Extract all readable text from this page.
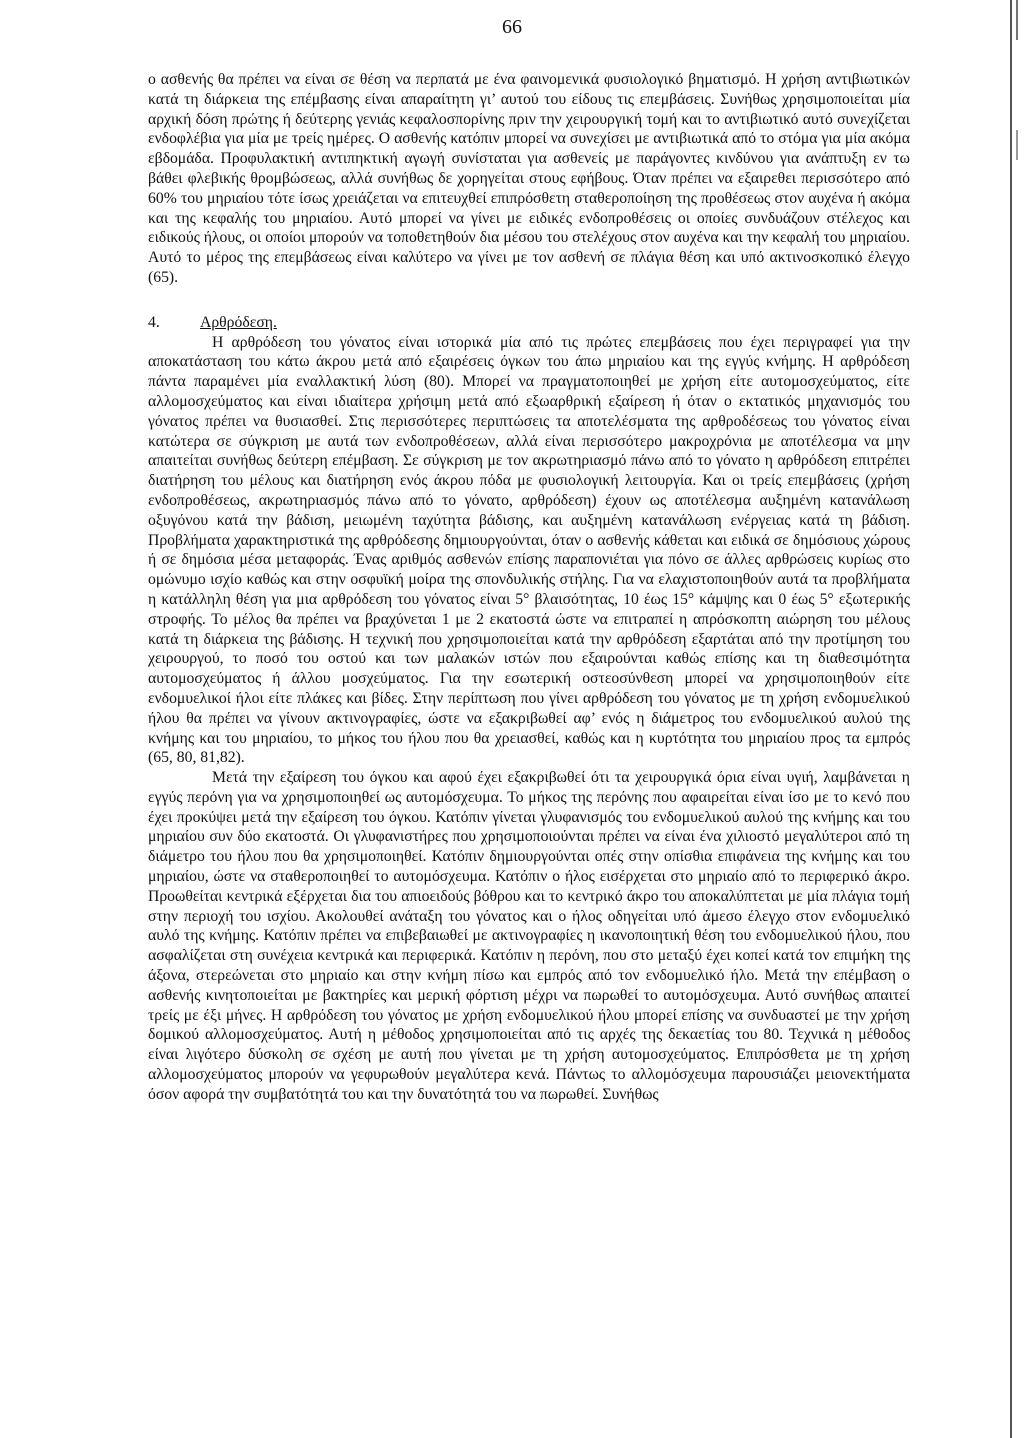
66

ο ασθενής θα πρέπει να είναι σε θέση να περπατά με ένα φαινομενικά φυσιολογικό βηματισμό. Η χρήση αντιβιωτικών κατά τη διάρκεια της επέμβασης είναι απαραίτητη γι’ αυτού του είδους τις επεμβάσεις. Συνήθως χρησιμοποιείται μία αρχική δόση πρώτης ή δεύτερης γενιάς κεφαλοσπορίνης πριν την χειρουργική τομή και το αντιβιωτικό αυτό συνεχίζεται ενδοφλέβια για μία με τρείς ημέρες. Ο ασθενής κατόπιν μπορεί να συνεχίσει με αντιβιωτικά από το στόμα για μία ακόμα εβδομάδα. Προφυλακτική αντιπηκτική αγωγή συνίσταται για ασθενείς με παράγοντες κινδύνου για ανάπτυξη εν τω βάθει φλεβικής θρομβώσεως, αλλά συνήθως δε χορηγείται στους εφήβους. Όταν πρέπει να εξαιρεθει περισσότερο από 60% του μηριαίου τότε ίσως χρειάζεται να επιτευχθεί επιπρόσθετη σταθεροποίηση της προθέσεως στον αυχένα ή ακόμα και της κεφαλής του μηριαίου. Αυτό μπορεί να γίνει με ειδικές ενδοπροθέσεις οι οποίες συνδυάζουν στέλεχος και ειδικούς ήλους, οι οποίοι μπορούν να τοποθετηθούν δια μέσου του στελέχους στον αυχένα και την κεφαλή του μηριαίου. Αυτό το μέρος της επεμβάσεως είναι καλύτερο να γίνει με τον ασθενή σε πλάγια θέση και υπό ακτινοσκοπικό έλεγχο (65).

4.	Αρθρόδεση.

Η αρθρόδεση του γόνατος είναι ιστορικά μία από τις πρώτες επεμβάσεις που έχει περιγραφεί για την αποκατάσταση του κάτω άκρου μετά από εξαιρέσεις όγκων του άπω μηριαίου και της εγγύς κνήμης. Η αρθρόδεση πάντα παραμένει μία εναλλακτική λύση (80). Μπορεί να πραγματοποιηθεί με χρήση είτε αυτομοσχεύματος, είτε αλλομοσχεύματος και είναι ιδιαίτερα χρήσιμη μετά από εξωαρθρική εξαίρεση ή όταν ο εκτατικός μηχανισμός του γόνατος πρέπει να θυσιασθεί. Στις περισσότερες περιπτώσεις τα αποτελέσματα της αρθροδέσεως του γόνατος είναι κατώτερα σε σύγκριση με αυτά των ενδοπροθέσεων, αλλά είναι περισσότερο μακροχρόνια με αποτέλεσμα να μην απαιτείται συνήθως δεύτερη επέμβαση. Σε σύγκριση με τον ακρωτηριασμό πάνω από το γόνατο η αρθρόδεση επιτρέπει διατήρηση του μέλους και διατήρηση ενός άκρου πόδα με φυσιολογική λειτουργία. Και οι τρείς επεμβάσεις (χρήση ενδοπροθέσεως, ακρωτηριασμός πάνω από το γόνατο, αρθρόδεση) έχουν ως αποτέλεσμα αυξημένη κατανάλωση οξυγόνου κατά την βάδιση, μειωμένη ταχύτητα βάδισης, και αυξημένη κατανάλωση ενέργειας κατά τη βάδιση. Προβλήματα χαρακτηριστικά της αρθρόδεσης δημιουργούνται, όταν ο ασθενής κάθεται και ειδικά σε δημόσιους χώρους ή σε δημόσια μέσα μεταφοράς. Ένας αριθμός ασθενών επίσης παραπονιέται για πόνο σε άλλες αρθρώσεις κυρίως στο ομώνυμο ισχίο καθώς και στην οσφυϊκή μοίρα της σπονδυλικής στήλης. Για να ελαχιστοποιηθούν αυτά τα προβλήματα η κατάλληλη θέση για μια αρθρόδεση του γόνατος είναι 5° βλαισότητας, 10 έως 15° κάμψης και 0 έως 5° εξωτερικής στροφής. Το μέλος θα πρέπει να βραχύνεται 1 με 2 εκατοστά ώστε να επιτραπεί η απρόσκοπτη αιώρηση του μέλους κατά τη διάρκεια της βάδισης. Η τεχνική που χρησιμοποιείται κατά την αρθρόδεση εξαρτάται από την προτίμηση του χειρουργού, το ποσό του οστού και των μαλακών ιστών που εξαιρούνται καθώς επίσης και τη διαθεσιμότητα αυτομοσχεύματος ή άλλου μοσχεύματος. Για την εσωτερική οστεοσύνθεση μπορεί να χρησιμοποιηθούν είτε ενδομυελικοί ήλοι είτε πλάκες και βίδες. Στην περίπτωση που γίνει αρθρόδεση του γόνατος με τη χρήση ενδομυελικού ήλου θα πρέπει να γίνουν ακτινογραφίες, ώστε να εξακριβωθεί αφ’ ενός η διάμετρος του ενδομυελικού αυλού της κνήμης και του μηριαίου, το μήκος του ήλου που θα χρειασθεί, καθώς και η κυρτότητα του μηριαίου προς τα εμπρός (65, 80, 81,82).

Μετά την εξαίρεση του όγκου και αφού έχει εξακριβωθεί ότι τα χειρουργικά όρια είναι υγιή, λαμβάνεται η εγγύς περόνη για να χρησιμοποιηθεί ως αυτομόσχευμα. Το μήκος της περόνης που αφαιρείται είναι ίσο με το κενό που έχει προκύψει μετά την εξαίρεση του όγκου. Κατόπιν γίνεται γλυφανισμός του ενδομυελικού αυλού της κνήμης και του μηριαίου συν δύο εκατοστά. Οι γλυφανιστήρες που χρησιμοποιούνται πρέπει να είναι ένα χιλιοστό μεγαλύτεροι από τη διάμετρο του ήλου που θα χρησιμοποιηθεί. Κατόπιν δημιουργούνται οπές στην οπίσθια επιφάνεια της κνήμης και του μηριαίου, ώστε να σταθεροποιηθεί το αυτομόσχευμα. Κατόπιν ο ήλος εισέρχεται στο μηριαίο από το περιφερικό άκρο. Προωθείται κεντρικά εξέρχεται δια του απιοειδούς βόθρου και το κεντρικό άκρο του αποκαλύπτεται με μία πλάγια τομή στην περιοχή του ισχίου. Ακολουθεί ανάταξη του γόνατος και ο ήλος οδηγείται υπό άμεσο έλεγχο στον ενδομυελικό αυλό της κνήμης. Κατόπιν πρέπει να επιβεβαιωθεί με ακτινογραφίες η ικανοποιητική θέση του ενδομυελικού ήλου, που ασφαλίζεται στη συνέχεια κεντρικά και περιφερικά. Κατόπιν η περόνη, που στο μεταξύ έχει κοπεί κατά τον επιμήκη της άξονα, στερεώνεται στο μηριαίο και στην κνήμη πίσω και εμπρός από τον ενδομυελικό ήλο. Μετά την επέμβαση ο ασθενής κινητοποιείται με βακτηρίες και μερική φόρτιση μέχρι να πωρωθεί το αυτομόσχευμα. Αυτό συνήθως απαιτεί τρείς με έξι μήνες. Η αρθρόδεση του γόνατος με χρήση ενδομυελικού ήλου μπορεί επίσης να συνδυαστεί με την χρήση δομικού αλλομοσχεύματος. Αυτή η μέθοδος χρησιμοποιείται από τις αρχές της δεκαετίας του 80. Τεχνικά η μέθοδος είναι λιγότερο δύσκολη σε σχέση με αυτή που γίνεται με τη χρήση αυτομοσχεύματος. Επιπρόσθετα με τη χρήση αλλομοσχεύματος μπορούν να γεφυρωθούν μεγαλύτερα κενά. Πάντως το αλλομόσχευμα παρουσιάζει μειονεκτήματα όσον αφορά την συμβατότητά του και την δυνατότητά του να πωρωθεί. Συνήθως
